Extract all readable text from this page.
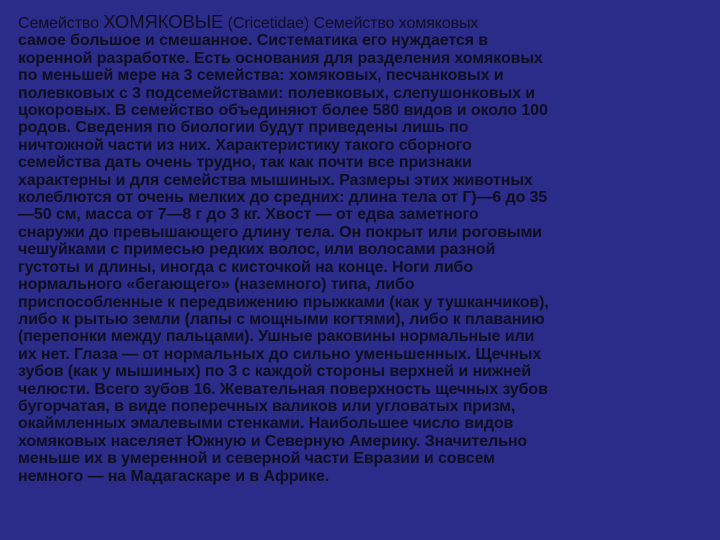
Семейство ХОМЯКОВЫЕ (Cricetidae) Семейство хомяковых
самое большое и смешанное. Систематика его нуждается в
коренной разработке. Есть основания для разделения хомяковых
по меньшей мере на 3 семейства: хомяковых, песчанковых и
полевковых с 3 подсемействами: полевковых, слепушонковых и
цокоровых. В семейство объединяют более 580 видов и около 100
родов. Сведения по биологии будут приведены лишь по
ничтожной части из них. Характеристику такого сборного
семейства дать очень трудно, так как почти все признаки
характерны и для семейства мышиных. Размеры этих животных
колеблются от очень мелких до средних: длина тела от Г)—6 до 35
—50 см, масса от 7—8 г до 3 кг. Хвост — от едва заметного
снаружи до превышающего длину тела. Он покрыт или роговыми
чешуйками с примесью редких волос, или волосами разной
густоты и длины, иногда с кисточкой на конце. Ноги либо
нормального «бегающего» (наземного) типа, либо
приспособленные к передвижению прыжками (как у тушканчиков),
либо к рытью земли (лапы с мощными когтями), либо к плаванию
(перепонки между пальцами). Ушные раковины нормальные или
их нет. Глаза — от нормальных до сильно уменьшенных. Щечных
зубов (как у мышиных) по 3 с каждой стороны верхней и нижней
челюсти. Всего зубов 16. Жевательная поверхность щечных зубов
бугорчатая, в виде поперечных валиков или угловатых призм,
окаймленных эмалевыми стенками. Наибольшее число видов
хомяковых населяет Южную и Северную Америку. Значительно
меньше их в умеренной и северной части Евразии и совсем
немного — на Мадагаскаре и в Африке.
